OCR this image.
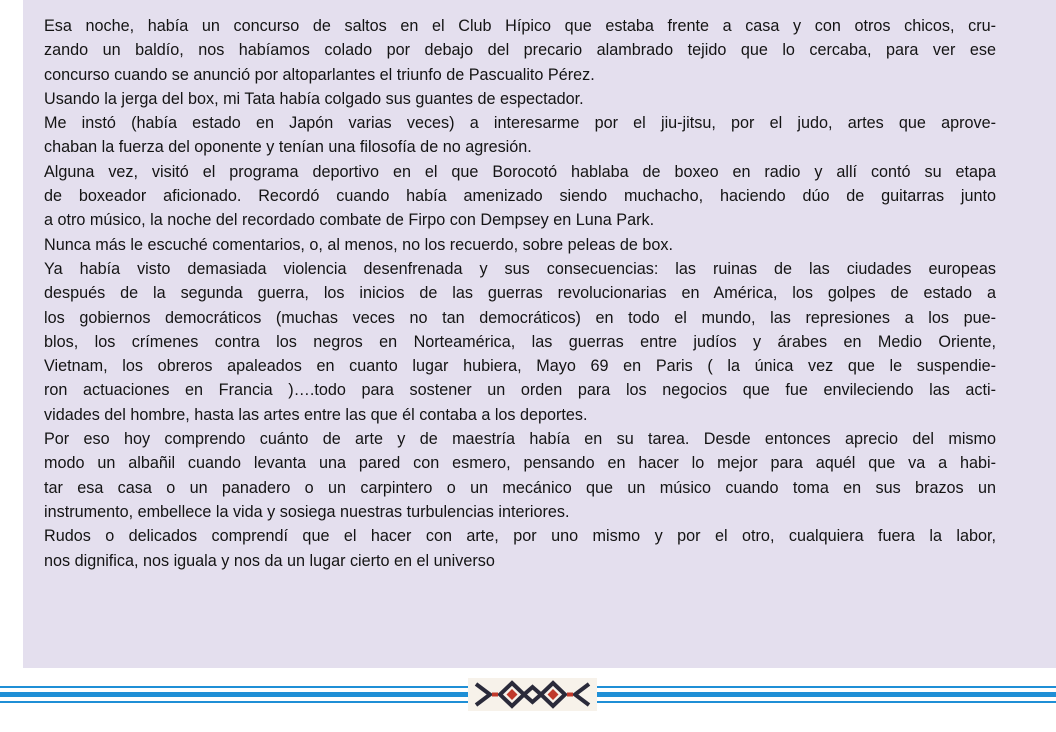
Esa noche, había un concurso de saltos en el Club Hípico que estaba frente a casa y con otros chicos, cru-
zando un baldío, nos habíamos colado por debajo del precario alambrado tejido que lo cercaba, para ver ese
concurso cuando se anunció por altoparlantes el triunfo de Pascualito Pérez.
Usando la jerga del box, mi Tata había colgado sus guantes de espectador.
Me instó (había estado en Japón varias veces) a interesarme por el jiu-jitsu, por el judo, artes que aprove-
chaban la fuerza del oponente y tenían una filosofía de no agresión.
Alguna vez, visitó el programa deportivo en el que Borocotó hablaba de boxeo en radio y allí contó su etapa
de boxeador aficionado. Recordó cuando había amenizado siendo muchacho, haciendo dúo de guitarras junto
a otro músico, la noche del recordado combate de Firpo con Dempsey en Luna Park.
Nunca más le escuché comentarios, o, al menos, no los recuerdo, sobre peleas de box.
Ya había visto demasiada violencia desenfrenada y sus consecuencias: las ruinas de las ciudades europeas
después de la segunda guerra, los inicios de las guerras revolucionarias en América, los golpes de estado a
los gobiernos democráticos (muchas veces no tan democráticos) en todo el mundo, las represiones a los pue-
blos, los crímenes contra los negros en Norteamérica, las guerras entre judíos y árabes en Medio Oriente,
Vietnam, los obreros apaleados en cuanto lugar hubiera, Mayo 69 en Paris ( la única vez que le suspendie-
ron actuaciones en Francia )….todo para sostener un orden para los negocios que fue envileciendo las acti-
vidades del hombre, hasta las artes entre las que él contaba a los deportes.
Por eso hoy comprendo cuánto de arte y de maestría había en su tarea. Desde entonces aprecio del mismo
modo un albañil cuando levanta una pared con esmero, pensando en hacer lo mejor para aquél que va a habi-
tar esa casa o un panadero o un carpintero o un mecánico que un músico cuando toma en sus brazos un
instrumento, embellece la vida y sosiega nuestras turbulencias interiores.
Rudos o delicados comprendí que el hacer con arte, por uno mismo y por el otro, cualquiera fuera la labor,
nos dignifica, nos iguala y nos da un lugar cierto en el universo
